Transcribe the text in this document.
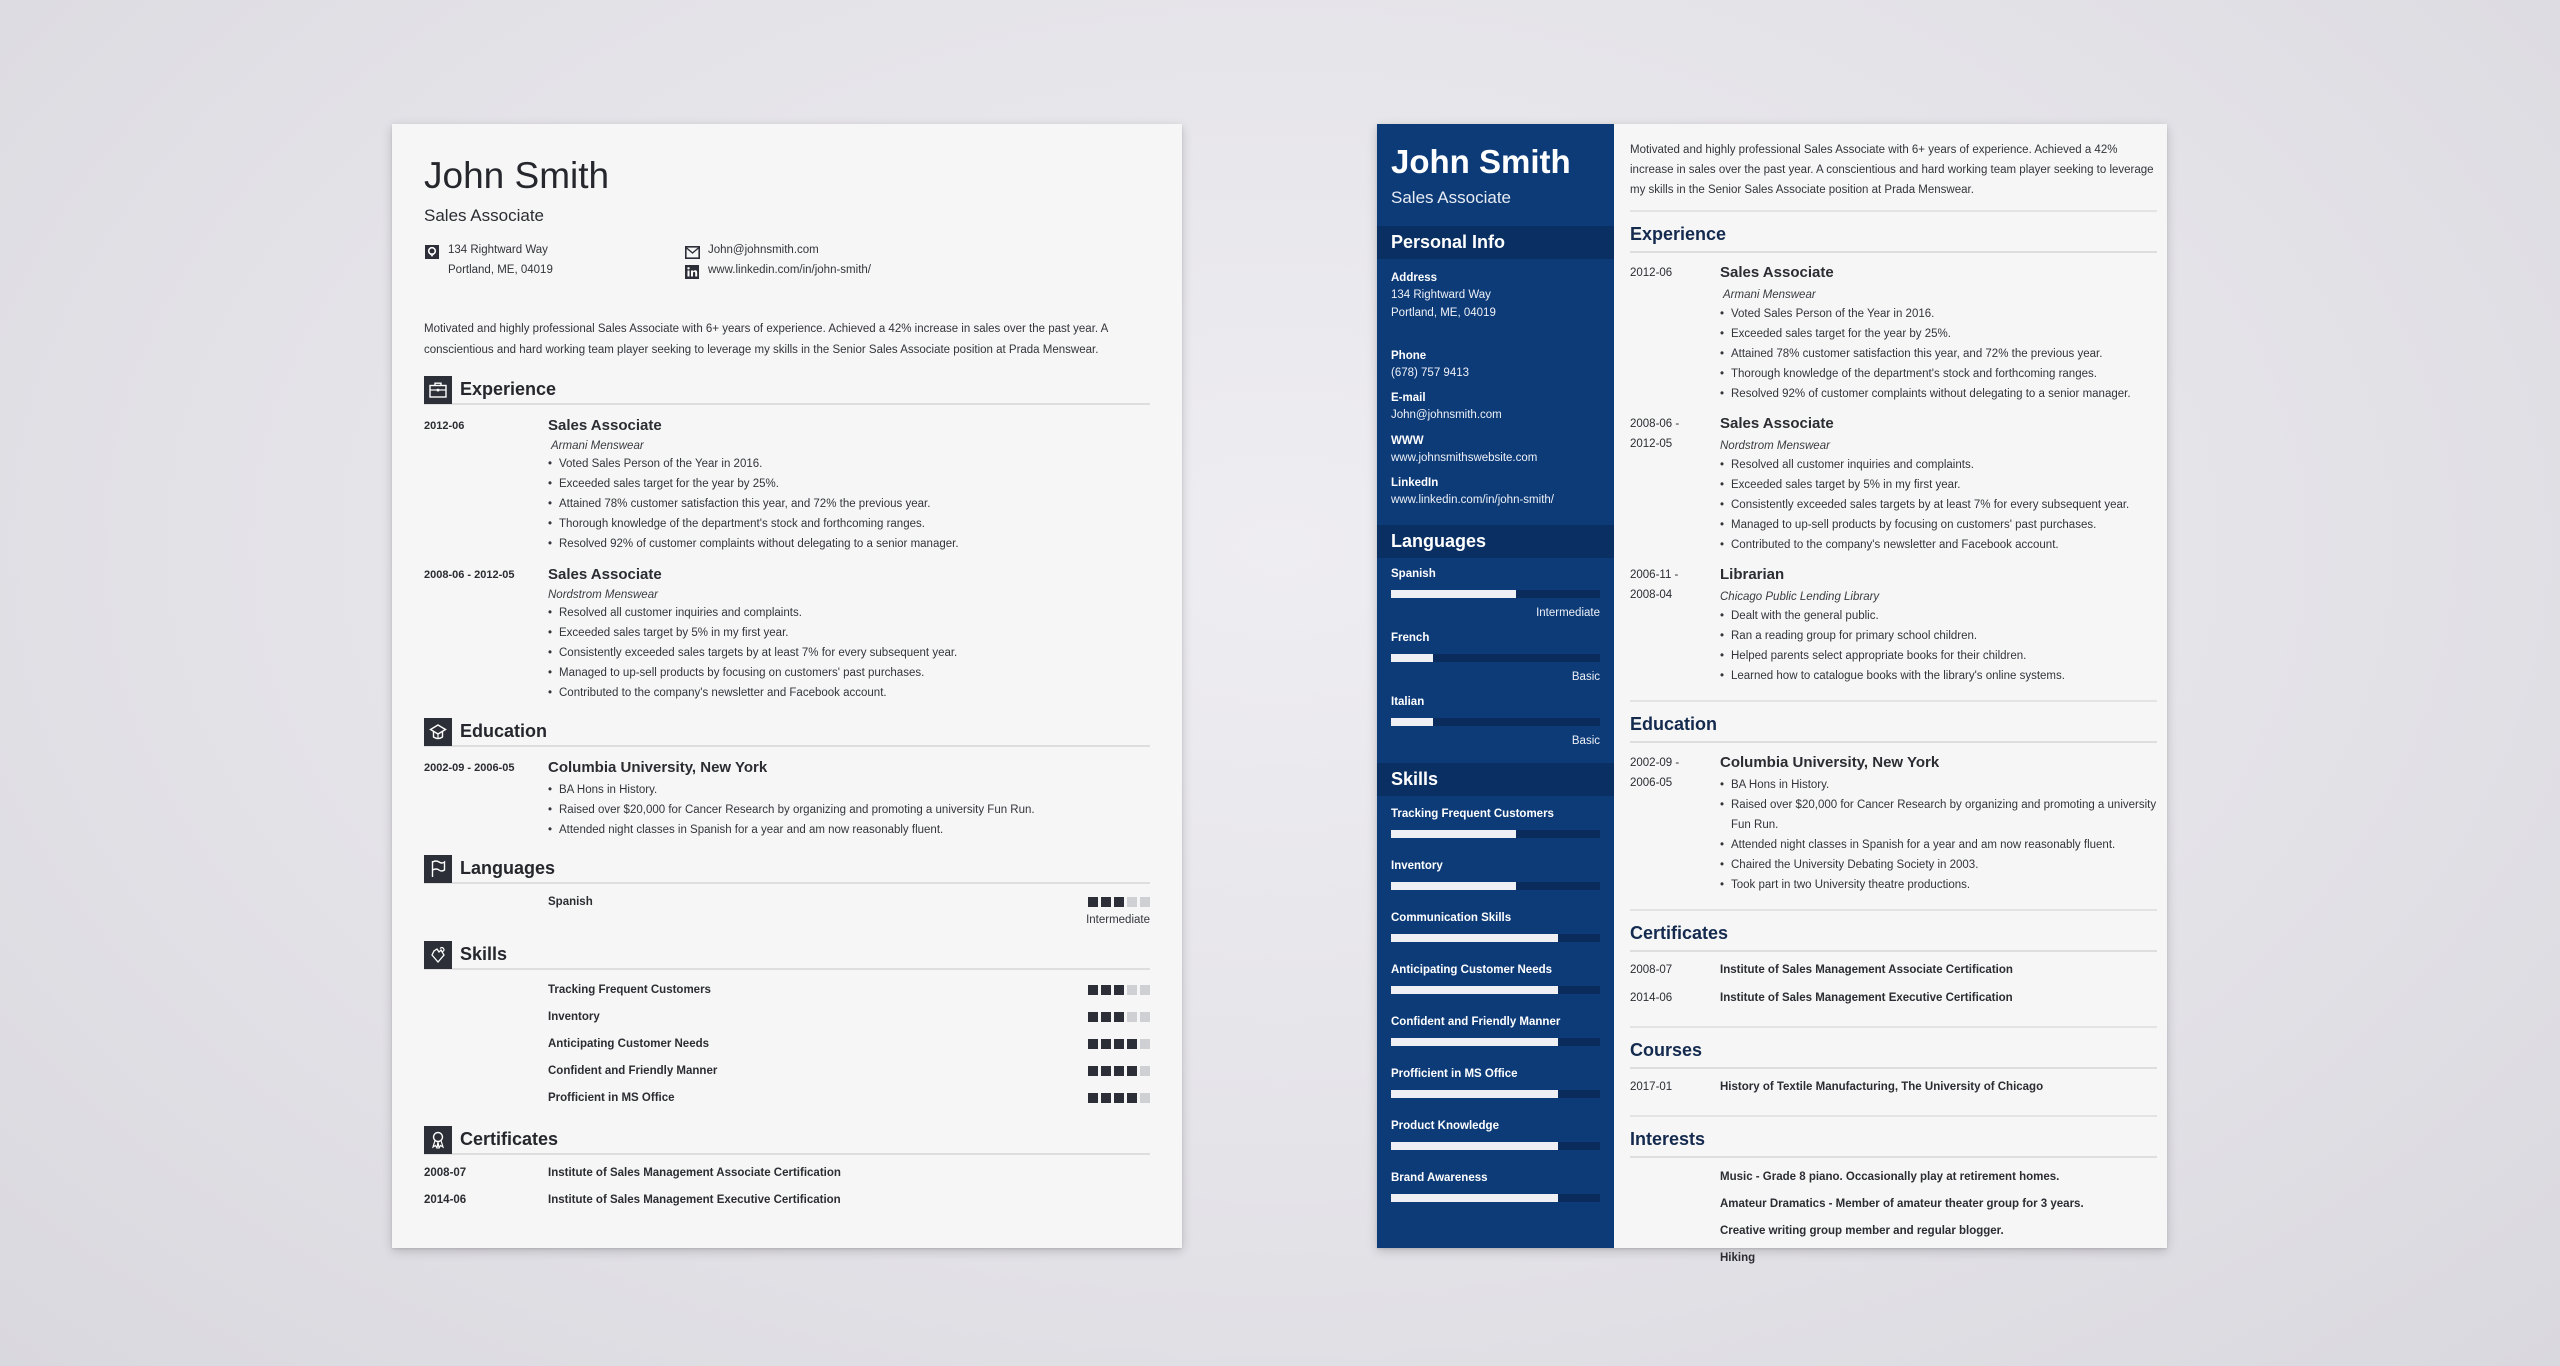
John Smith
Sales Associate
134 Rightward Way
Portland, ME, 04019
John@johnsmith.com
www.linkedin.com/in/john-smith/

Motivated and highly professional Sales Associate with 6+ years of experience. Achieved a 42% increase in sales over the past year. A conscientious and hard working team player seeking to leverage my skills in the Senior Sales Associate position at Prada Menswear.

Experience
2012-06	Sales Associate
Armani Menswear
• Voted Sales Person of the Year in 2016.
• Exceeded sales target for the year by 25%.
• Attained 78% customer satisfaction this year, and 72% the previous year.
• Thorough knowledge of the department's stock and forthcoming ranges.
• Resolved 92% of customer complaints without delegating to a senior manager.
2008-06 - 2012-05	Sales Associate
Nordstrom Menswear
• Resolved all customer inquiries and complaints.
• Exceeded sales target by 5% in my first year.
• Consistently exceeded sales targets by at least 7% for every subsequent year.
• Managed to up-sell products by focusing on customers' past purchases.
• Contributed to the company's newsletter and Facebook account.
Education
2002-09 - 2006-05	Columbia University, New York
• BA Hons in History.
• Raised over $20,000 for Cancer Research by organizing and promoting a university Fun Run.
• Attended night classes in Spanish for a year and am now reasonably fluent.
Languages
Spanish
Intermediate
Skills
Tracking Frequent Customers
Inventory
Anticipating Customer Needs
Confident and Friendly Manner
Profficient in MS Office
Certificates
2008-07	Institute of Sales Management Associate Certification
2014-06	Institute of Sales Management Executive Certification
John Smith
Sales Associate
Personal Info
Address
134 Rightward Way
Portland, ME, 04019
Phone
(678) 757 9413
E-mail
John@johnsmith.com
WWW
www.johnsmithswebsite.com
LinkedIn
www.linkedin.com/in/john-smith/
Languages
Spanish
Intermediate
French
Basic
Italian
Basic
Skills
Tracking Frequent Customers
Inventory
Communication Skills
Anticipating Customer Needs
Confident and Friendly Manner
Profficient in MS Office
Product Knowledge
Brand Awareness

Motivated and highly professional Sales Associate with 6+ years of experience. Achieved a 42% increase in sales over the past year. A conscientious and hard working team player seeking to leverage my skills in the Senior Sales Associate position at Prada Menswear.

Experience
2012-06	Sales Associate
Armani Menswear
• Voted Sales Person of the Year in 2016.
• Exceeded sales target for the year by 25%.
• Attained 78% customer satisfaction this year, and 72% the previous year.
• Thorough knowledge of the department's stock and forthcoming ranges.
• Resolved 92% of customer complaints without delegating to a senior manager.
2008-06 -
2012-05
Sales Associate
Nordstrom Menswear
• Resolved all customer inquiries and complaints.
• Exceeded sales target by 5% in my first year.
• Consistently exceeded sales targets by at least 7% for every subsequent year.
• Managed to up-sell products by focusing on customers' past purchases.
• Contributed to the company's newsletter and Facebook account.
2006-11 -
2008-04
Librarian
Chicago Public Lending Library
• Dealt with the general public.
• Ran a reading group for primary school children.
• Helped parents select appropriate books for their children.
• Learned how to catalogue books with the library's online systems.
Education
2002-09 -
2006-05
Columbia University, New York
• BA Hons in History.
• Raised over $20,000 for Cancer Research by organizing and promoting a university Fun Run.
• Attended night classes in Spanish for a year and am now reasonably fluent.
• Chaired the University Debating Society in 2003.
• Took part in two University theatre productions.
Certificates
2008-07	Institute of Sales Management Associate Certification
2014-06	Institute of Sales Management Executive Certification
Courses
2017-01	History of Textile Manufacturing, The University of Chicago
Interests
Music - Grade 8 piano. Occasionally play at retirement homes.
Amateur Dramatics - Member of amateur theater group for 3 years.
Creative writing group member and regular blogger.
Hiking
